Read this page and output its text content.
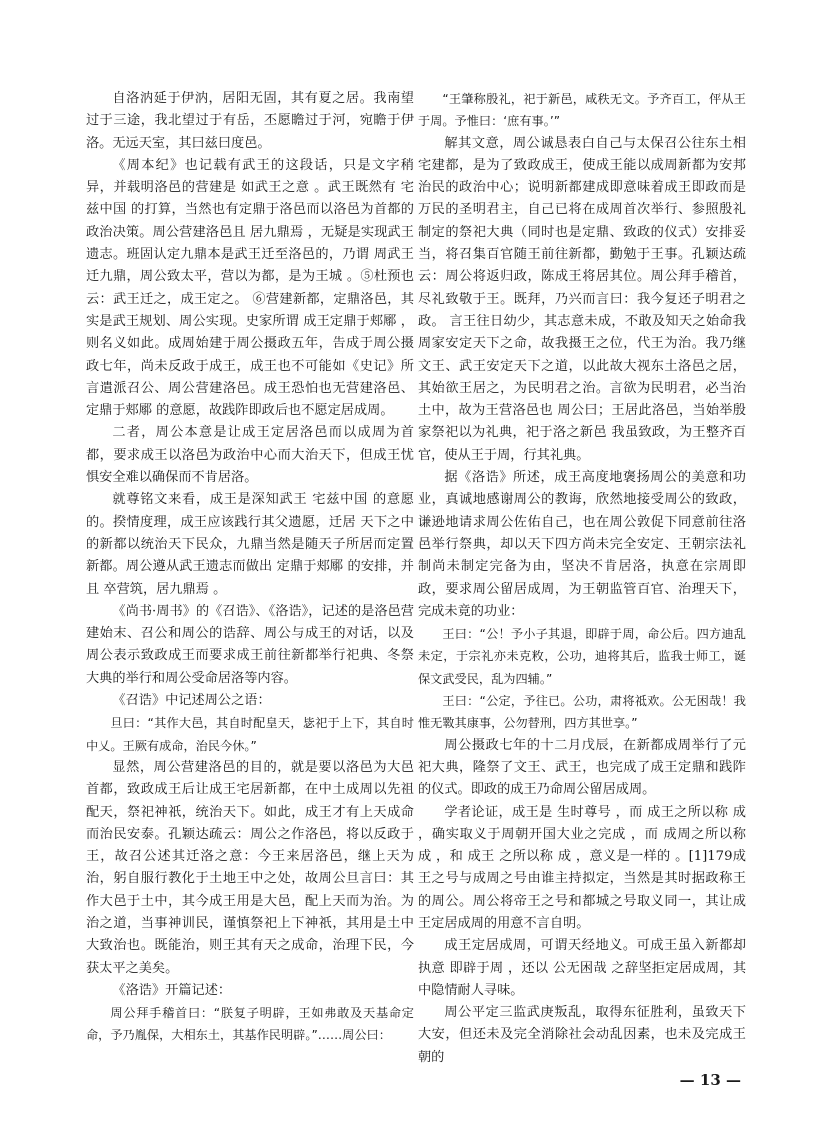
自洛汭延于伊汭，居阳无固，其有夏之居。我南望过于三途，我北望过于有岳，丕愿瞻过于河，宛瞻于伊洛。无远天室，其曰兹曰度邑。

《周本纪》也记载有武王的这段话，只是文字稍异，并载明洛邑的营建是 如武王之意 。武王既然有 宅兹中国 的打算，当然也有定鼎于洛邑而以洛邑为首都的政治决策。周公营建洛邑且 居九鼎焉 ，无疑是实现武王遗志。班固认定九鼎本是武王迁至洛邑的，乃谓 周武王迁九鼎，周公致太平，营以为都，是为王城 。⑤杜预也云：武王迁之，成王定之。 ⑥营建新都，定鼎洛邑，其实是武王规划、周公实现。史家所谓 成王定鼎于郏鄏 ，则名义如此。成周始建于周公摄政五年，告成于周公摄政七年，尚未反政于成王，成王也不可能如《史记》所言遣派召公、周公营建洛邑。成王恐怕也无营建洛邑、 定鼎于郏鄏 的意愿，故践阼即政后也不愿定居成周。

二者，周公本意是让成王定居洛邑而以成周为首都，要求成王以洛邑为政治中心而大治天下，但成王忧惧安全难以确保而不肯居洛。

就尊铭文来看，成王是深知武王 宅兹中国 的意愿的。揆情度理，成王应该践行其父遗愿，迁居 天下之中 的新都以统治天下民众，九鼎当然是随天子所居而定置新都。周公遵从武王遗志而做出 定鼎于郏鄏 的安排，并且 卒营筑，居九鼎焉 。

《尚书·周书》的《召诰》、《洛诰》，记述的是洛邑营建始末、召公和周公的诰辞、周公与成王的对话，以及周公表示致政成王而要求成王前往新都举行祀典、冬祭大典的举行和周公受命居洛等内容。

《召诰》中记述周公之语：

旦曰：“其作大邑，其自时配皇天，毖祀于上下，其自时中乂。王厥有成命，治民今休。”

显然，周公营建洛邑的目的，就是要以洛邑为大邑首都，致政成王后让成王宅居新都，在中土成周以先祖配天，祭祀神祇，统治天下。如此，成王才有上天成命而治民安泰。孔颖达疏云：周公之作洛邑，将以反政于王，故召公述其迁洛之意：今王来居洛邑，继上天为治，躬自服行教化于土地王中之处，故周公旦言曰：其作大邑于土中，其今成王用是大邑，配上天而为治。为治之道，当事神训民，谨慎祭祀上下神祇，其用是土中大致治也。既能治，则王其有天之成命，治理下民，今获太平之美矣。

《洛诰》开篇记述：

周公拜手稽首曰：“朕复子明辟，王如弗敢及天基命定命，予乃胤保，大相东土，其基作民明辟。”……周公曰：

“王肇称殷礼，祀于新邑，咸秩无文。予齐百工，伻从王于周。予惟曰：‘庶有事。’”

解其文意，周公诚恳表白自己与太保召公往东土相宅建都，是为了致政成王，使成王能以成周新都为安邦治民的政治中心；说明新都建成即意味着成王即政而是万民的圣明君主，自己已将在成周首次举行、参照殷礼制定的祭祀大典（同时也是定鼎、致政的仪式）安排妥当，将召集百官随王前往新都，勤勉于王事。孔颖达疏云：周公将返归政，陈成王将居其位。周公拜手稽首，尽礼致敬于王。既拜，乃兴而言曰：我今复还子明君之政。 言王往日幼少，其志意未成，不敢及知天之始命我周家安定天下之命，故我摄王之位，代王为治。我乃继文王、武王安定天下之道，以此故大视东土洛邑之居，其始欲王居之，为民明君之治。言欲为民明君，必当治土中，故为王营洛邑也 周公曰；王居此洛邑，当始举殷家祭祀以为礼典，祀于洛之新邑 我虽致政，为王整齐百官，使从王于周，行其礼典。

据《洛诰》所述，成王高度地褒扬周公的美意和功业，真诚地感谢周公的教诲，欣然地接受周公的致政，谦逊地请求周公佐佑自己，也在周公敦促下同意前往洛邑举行祭典，却以天下四方尚未完全安定、王朝宗法礼制尚未制定完备为由，坚决不肯居洛，执意在宗周即政，要求周公留居成周，为王朝监管百官、治理天下，完成未竟的功业：

王曰：“公！予小子其退，即辟于周，命公后。四方迪乱未定，于宗礼亦未克敉，公功，迪将其后，监我士师工，诞保文武受民，乱为四辅。”

王曰：“公定，予往已。公功，肃将祗欢。公无困哉！我惟无斁其康事，公勿替刑，四方其世享。”

周公摄政七年的十二月戊辰，在新都成周举行了元祀大典，隆祭了文王、武王，也完成了成王定鼎和践阼的仪式。即政的成王乃命周公留居成周。

学者论证，成王是 生时尊号 ，而 成王之所以称 成 ，确实取义于周朝开国大业之完成 ，而 成周之所以称 成 ，和 成王 之所以称 成 ，意义是一样的 。[1]179成王之号与成周之号由谁主持拟定，当然是其时据政称王的周公。周公将帝王之号和都城之号取义同一，其让成王定居成周的用意不言自明。

成王定居成周，可谓天经地义。可成王虽入新都却执意 即辟于周 ，还以 公无困哉 之辞坚拒定居成周，其中隐情耐人寻味。

周公平定三监武庚叛乱，取得东征胜利，虽致天下大安，但还未及完全消除社会动乱因素，也未及完成王朝的

— 13 —
